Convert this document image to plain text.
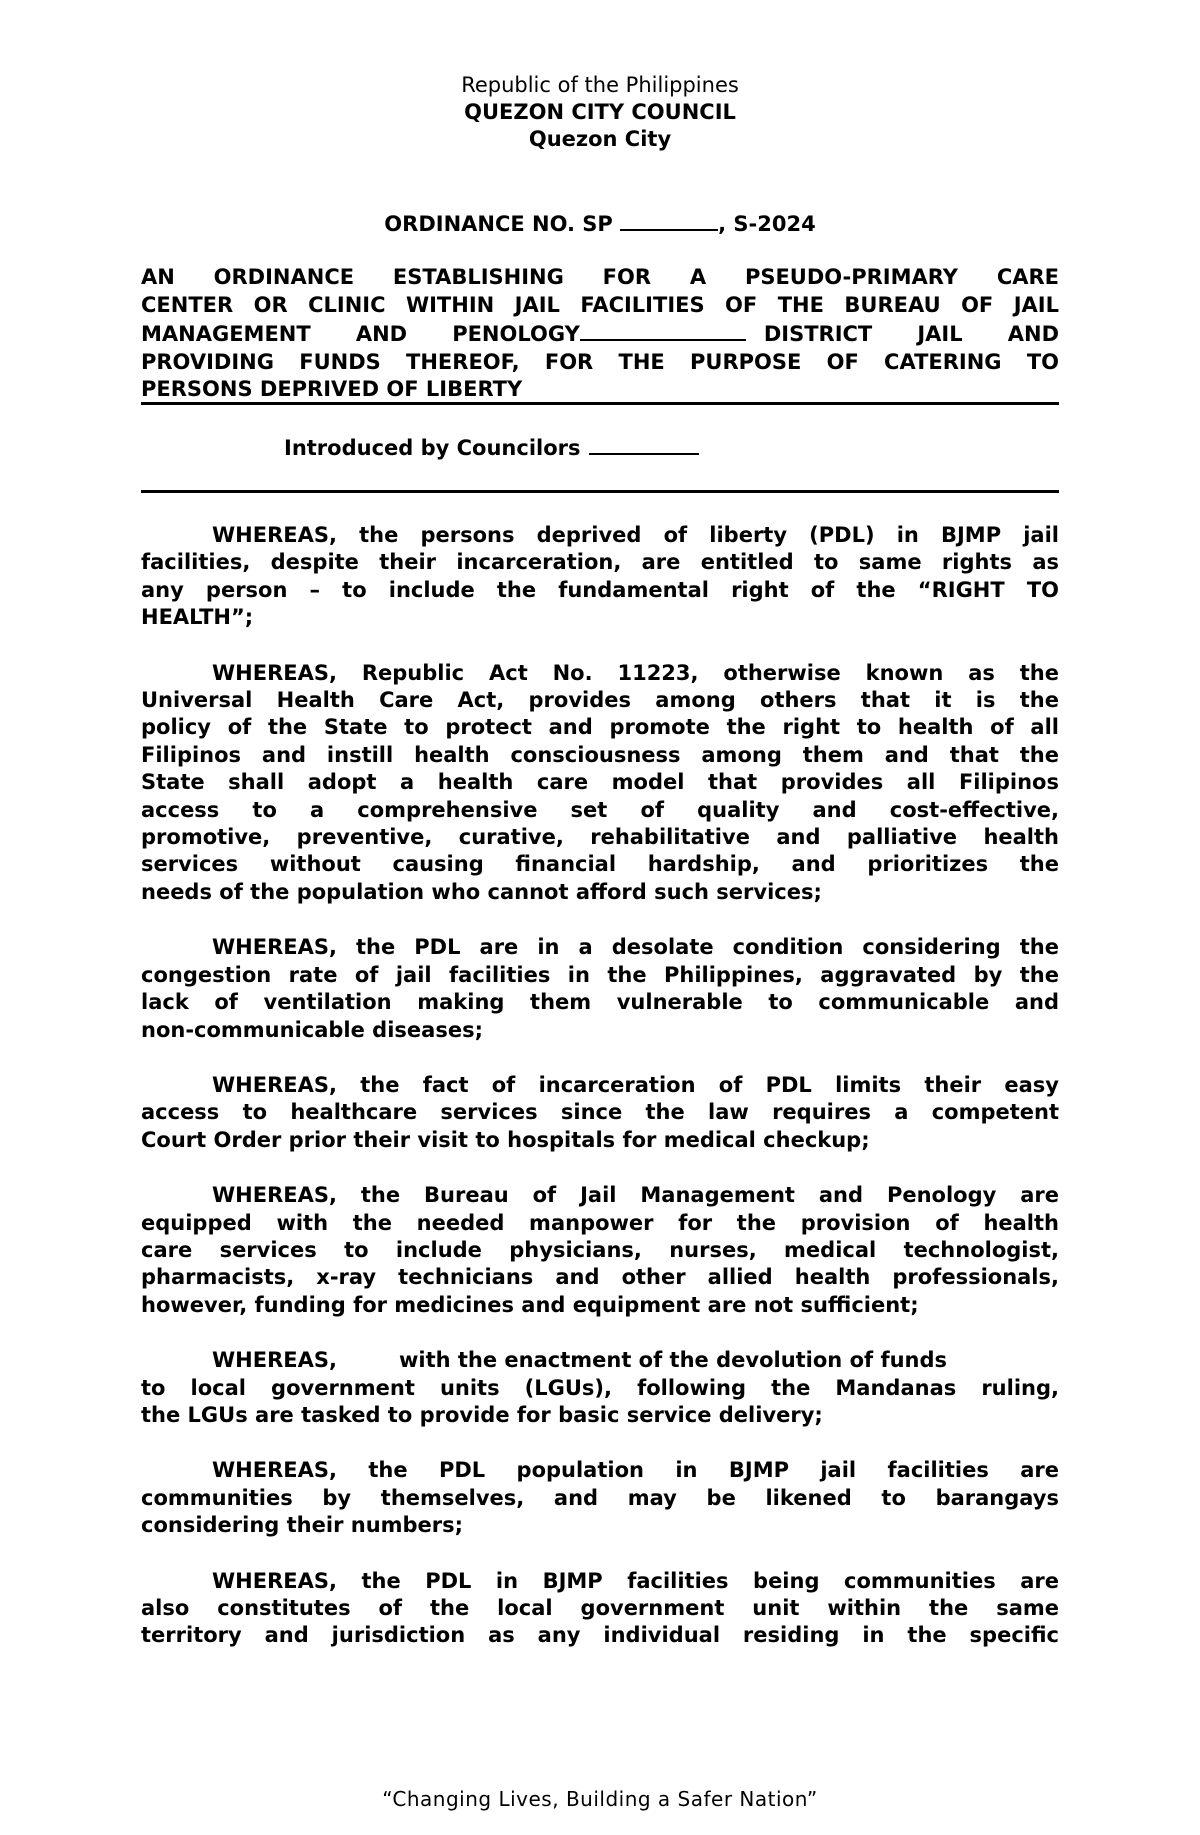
Republic of the Philippines
QUEZON CITY COUNCIL
Quezon City
ORDINANCE NO. SP	, S-2024
AN ORDINANCE ESTABLISHING FOR A PSEUDO-PRIMARY CARE
CENTER OR CLINIC WITHIN JAIL FACILITIES OF THE BUREAU OF JAIL
MANAGEMENT AND PENOLOGY	DISTRICT JAIL AND
PROVIDING FUNDS THEREOF, FOR THE PURPOSE OF CATERING TO
PERSONS DEPRIVED OF LIBERTY
Introduced by Councilors
WHEREAS, the persons deprived of liberty (PDL) in BJMP jail
facilities, despite their incarceration, are entitled to same rights as
any person – to include the fundamental right of the “RIGHT TO
HEALTH”;
WHEREAS, Republic Act No. 11223, otherwise known as the
Universal Health Care Act, provides among others that it is the
policy of the State to protect and promote the right to health of all
Filipinos and instill health consciousness among them and that the
State shall adopt a health care model that provides all Filipinos
access to a comprehensive set of quality and cost-effective,
promotive, preventive, curative, rehabilitative and palliative health
services without causing financial hardship, and prioritizes the
needs of the population who cannot afford such services;
WHEREAS, the PDL are in a desolate condition considering the
congestion rate of jail facilities in the Philippines, aggravated by the
lack of ventilation making them vulnerable to communicable and
non-communicable diseases;
WHEREAS, the fact of incarceration of PDL limits their easy
access to healthcare services since the law requires a competent
Court Order prior their visit to hospitals for medical checkup;
WHEREAS, the Bureau of Jail Management and Penology are
equipped with the needed manpower for the provision of health
care services to include physicians, nurses, medical technologist,
pharmacists, x-ray technicians and other allied health professionals,
however, funding for medicines and equipment are not sufficient;
WHEREAS,	with the enactment of the devolution of funds
to local government units (LGUs), following the Mandanas ruling,
the LGUs are tasked to provide for basic service delivery;
WHEREAS, the PDL population in BJMP jail facilities are
communities by themselves, and may be likened to barangays
considering their numbers;
WHEREAS, the PDL in BJMP facilities being communities are
also constitutes of the local government unit within the same
territory and jurisdiction as any individual residing in the specific
“Changing Lives, Building a Safer Nation”
